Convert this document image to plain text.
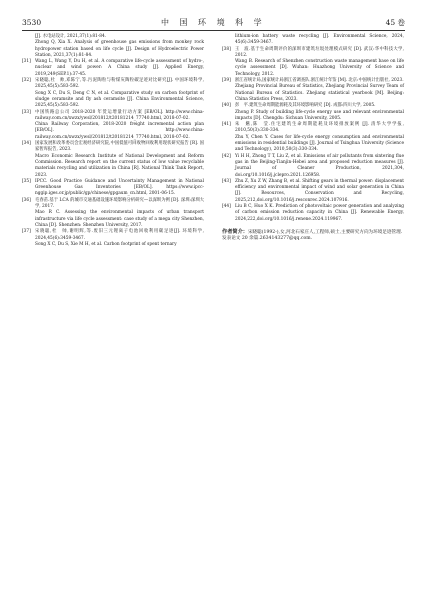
3530	中 国 环 境 科 学	45 卷
[J]. 水电站设计, 2021,37(1):81-84.
Zhong Q, Xia X. Analysis of greenhouse gas emissions from monkey rock hydropower station based on life cycle [J]. Design of Hydroelectric Power Station, 2021,37(1):81-84.
[31] Wang L, Wang Y, Du H, et al. A comparative life-cycle assessment of hydro-, nuclear and wind power: A China study [J]. Applied Energy, 2019,249(SEP.1):37-45.
[32] 宋晓聪,杜　帅,邓陈宁,等.污泥陶粒与粉煤灰陶粒碳足迹对比研究[J]. 中国环境科学, 2025,45(5):583-592.
Song X C, Du S, Deng C N, et al. Comparative study on carbon footprint of sludge ceramsite and fly ash ceramsite [J]. China Environmental Science, 2025,45(5):583-592.
[33] 中国铁路总公司 2018-2020 年货运增量行动方案 [EB/OL]. http://www.china-railway.com.cn/xwzx/ywsl/201812/t20181214_77740.html, 2018-07-02.
China Railway Corporation, 2018-2020 freight incremental action plan [EB/OL]. http://www.china-railway.com.cn/xwzx/ywsl/201812/t20181214_77740.html, 2018-07-02.
[34] 国家发展和改革委员会宏观经济研究院,中国低值可回收物回收利用现状研究报告 [R]. 国家智库报告, 2023.
Macro Economic Research Institute of National Development and Reform Commission. Research report on the current status of low value recyclable materials recycling and utilization in China [R]. National Think Tank Report, 2023.
[35] IPCC. Good Practice Guidance and Uncertainty Management in National Greenhouse Gas Inventories [EB/OL]. https://www.ipcc-nggip.iges.or.jp/public/gp/chinese/gpgaum_cn.html, 2001-06-15.
[36] 毛春苗.基于 LCA 的城市交通基础设施环境影响分析研究—以深圳为例 [D]. 深圳:深圳大学, 2017.
Mao R C. Assessing the environmental impacts of urban transport infrastructure via life cycle assessment: case study of a mega city Shenzhen, China [D]. Shenzhen: Shenzhen University, 2017.
[37] 宋晓聪,杜　帅,谢明辉,等.废旧三元锂离子电池回收利用碳足迹[J]. 环境科学, 2024,45(6):3459-3467.
Song X C, Du S, Xie M H, et al. Carbon footprint of spent ternary
lithium-ion battery waste recycling [J]. Environmental Science, 2024, 45(6):3459-3467.
[38] 王　波.基于生命周期评价的深圳市建筑垃圾处理模式研究 [D]. 武汉:华中科技大学, 2012.
Wang B. Research of Shenzhen construction waste management base on life cycle assessment [D]. Wuhan: Huazhong University of Science and Technology, 2012.
[39] 浙江省统计局,国家统计局浙江省调查队.浙江统计年鉴 [M]. 北京:中国统计出版社, 2023.
Zhejiang Provincial Bureau of Statistics, Zhejiang Provincial Survey Team of National Bureau of Statistics. Zhejiang statistical yearbook [M]. Beijing: China Statistics Press, 2023.
[40] 彭　平.建筑生命周期能源耗及其环境影响研究 [D]. 成都:四川大学, 2005.
Zhong P. Study of building life-cycle energy use and relevant environmental impacts [D]. Chengdu: Sichuan University, 2005.
[41] 朱　嬿,陈　莹.住宅建筑生命周期能耗及环境排放案例 [J]. 清华大学学报, 2010,50(3):330-334.
Zhu Y, Chen Y. Cases for life-cycle energy consumption and environmental emissions in residential buildings [J]. Journal of Tsinghua University (Science and Technology), 2010,50(3):330-334.
[42] Yi H H, Zhong T T, Liu Z, et al. Emissions of air pollutants from sintering flue gas in the Beijing-Tianjin-Hebei area and proposed reduction measures [J]. Journal of Cleaner Production, 2021,304, doi.org/10.1016/j.jclepro.2021.126958.
[43] Zhu Z, Xu Z W, Zhang B, et al. Shifting gears in thermal power: displacement efficiency and environmental impact of wind and solar generation in China [J]. Resources, Conservation and Recycling, 2025,212,doi.org/10.1016/j.resconrec.2024.107916.
[44] Liu B C, Huo X K. Prediction of photovoltaic power generation and analyzing of carbon emission reduction capacity in China [J]. Renewable Energy, 2024,222,doi.org/10.1016/j.renene.2024.119967.
作者简介：宋晓聪(1992-),女,河北石家庄人,工程师,硕士,主要研究方向为环境足迹管理.发表论文 20 余篇.2634143277@qq.com.
